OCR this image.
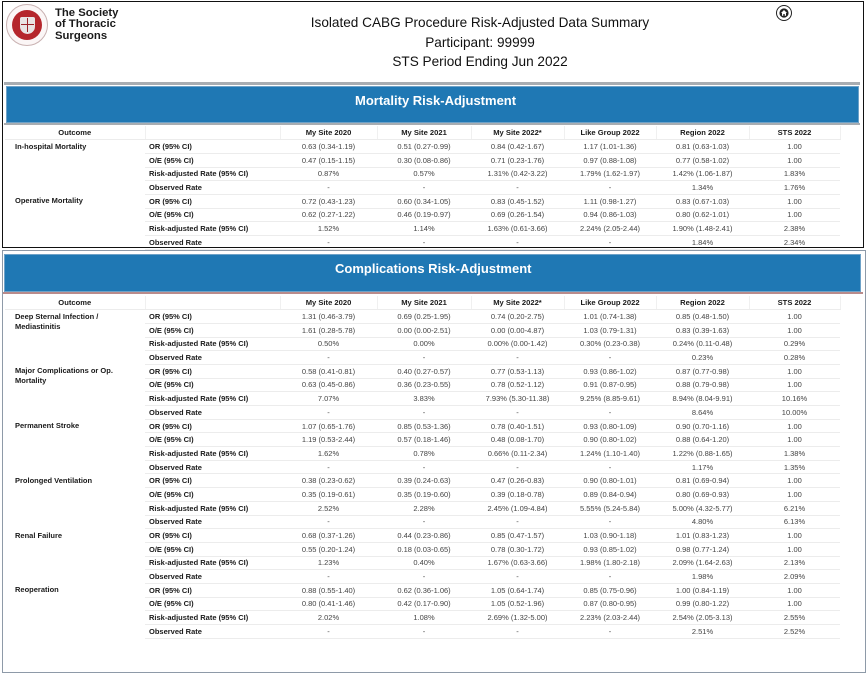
The Society
of Thoracic
Surgeons
Isolated CABG Procedure Risk-Adjusted Data Summary
Participant: 99999
STS Period Ending Jun 2022
Mortality Risk-Adjustment
Outcome		My Site 2020	My Site 2021	My Site 2022*	Like Group 2022	Region 2022	STS 2022
In-hospital Mortality	OR (95% CI)	0.63 (0.34-1.19)	0.51 (0.27-0.99)	0.84 (0.42-1.67)	1.17 (1.01-1.36)	0.81 (0.63-1.03)	1.00
	O/E (95% CI)	0.47 (0.15-1.15)	0.30 (0.08-0.86)	0.71 (0.23-1.76)	0.97 (0.88-1.08)	0.77 (0.58-1.02)	1.00
	Risk-adjusted Rate (95% CI)	0.87%	0.57%	1.31% (0.42-3.22)	1.79% (1.62-1.97)	1.42% (1.06-1.87)	1.83%
	Observed Rate	-	-	-	-	1.34%	1.76%
Operative Mortality	OR (95% CI)	0.72 (0.43-1.23)	0.60 (0.34-1.05)	0.83 (0.45-1.52)	1.11 (0.98-1.27)	0.83 (0.67-1.03)	1.00
	O/E (95% CI)	0.62 (0.27-1.22)	0.46 (0.19-0.97)	0.69 (0.26-1.54)	0.94 (0.86-1.03)	0.80 (0.62-1.01)	1.00
	Risk-adjusted Rate (95% CI)	1.52%	1.14%	1.63% (0.61-3.66)	2.24% (2.05-2.44)	1.90% (1.48-2.41)	2.38%
	Observed Rate	-	-	-	-	1.84%	2.34%
Complications Risk-Adjustment
Outcome		My Site 2020	My Site 2021	My Site 2022*	Like Group 2022	Region 2022	STS 2022
Deep Sternal Infection / Mediastinitis	OR (95% CI)	1.31 (0.46-3.79)	0.69 (0.25-1.95)	0.74 (0.20-2.75)	1.01 (0.74-1.38)	0.85 (0.48-1.50)	1.00
	O/E (95% CI)	1.61 (0.28-5.78)	0.00 (0.00-2.51)	0.00 (0.00-4.87)	1.03 (0.79-1.31)	0.83 (0.39-1.63)	1.00
	Risk-adjusted Rate (95% CI)	0.50%	0.00%	0.00% (0.00-1.42)	0.30% (0.23-0.38)	0.24% (0.11-0.48)	0.29%
	Observed Rate	-	-	-	-	0.23%	0.28%
Major Complications or Op. Mortality	OR (95% CI)	0.58 (0.41-0.81)	0.40 (0.27-0.57)	0.77 (0.53-1.13)	0.93 (0.86-1.02)	0.87 (0.77-0.98)	1.00
	O/E (95% CI)	0.63 (0.45-0.86)	0.36 (0.23-0.55)	0.78 (0.52-1.12)	0.91 (0.87-0.95)	0.88 (0.79-0.98)	1.00
	Risk-adjusted Rate (95% CI)	7.07%	3.83%	7.93% (5.30-11.38)	9.25% (8.85-9.61)	8.94% (8.04-9.91)	10.16%
	Observed Rate	-	-	-	-	8.64%	10.00%
Permanent Stroke	OR (95% CI)	1.07 (0.65-1.76)	0.85 (0.53-1.36)	0.78 (0.40-1.51)	0.93 (0.80-1.09)	0.90 (0.70-1.16)	1.00
	O/E (95% CI)	1.19 (0.53-2.44)	0.57 (0.18-1.46)	0.48 (0.08-1.70)	0.90 (0.80-1.02)	0.88 (0.64-1.20)	1.00
	Risk-adjusted Rate (95% CI)	1.62%	0.78%	0.66% (0.11-2.34)	1.24% (1.10-1.40)	1.22% (0.88-1.65)	1.38%
	Observed Rate	-	-	-	-	1.17%	1.35%
Prolonged Ventilation	OR (95% CI)	0.38 (0.23-0.62)	0.39 (0.24-0.63)	0.47 (0.26-0.83)	0.90 (0.80-1.01)	0.81 (0.69-0.94)	1.00
	O/E (95% CI)	0.35 (0.19-0.61)	0.35 (0.19-0.60)	0.39 (0.18-0.78)	0.89 (0.84-0.94)	0.80 (0.69-0.93)	1.00
	Risk-adjusted Rate (95% CI)	2.52%	2.28%	2.45% (1.09-4.84)	5.55% (5.24-5.84)	5.00% (4.32-5.77)	6.21%
	Observed Rate	-	-	-	-	4.80%	6.13%
Renal Failure	OR (95% CI)	0.68 (0.37-1.26)	0.44 (0.23-0.86)	0.85 (0.47-1.57)	1.03 (0.90-1.18)	1.01 (0.83-1.23)	1.00
	O/E (95% CI)	0.55 (0.20-1.24)	0.18 (0.03-0.65)	0.78 (0.30-1.72)	0.93 (0.85-1.02)	0.98 (0.77-1.24)	1.00
	Risk-adjusted Rate (95% CI)	1.23%	0.40%	1.67% (0.63-3.66)	1.98% (1.80-2.18)	2.09% (1.64-2.63)	2.13%
	Observed Rate	-	-	-	-	1.98%	2.09%
Reoperation	OR (95% CI)	0.88 (0.55-1.40)	0.62 (0.36-1.06)	1.05 (0.64-1.74)	0.85 (0.75-0.96)	1.00 (0.84-1.19)	1.00
	O/E (95% CI)	0.80 (0.41-1.46)	0.42 (0.17-0.90)	1.05 (0.52-1.96)	0.87 (0.80-0.95)	0.99 (0.80-1.22)	1.00
	Risk-adjusted Rate (95% CI)	2.02%	1.08%	2.69% (1.32-5.00)	2.23% (2.03-2.44)	2.54% (2.05-3.13)	2.55%
	Observed Rate	-	-	-	-	2.51%	2.52%
